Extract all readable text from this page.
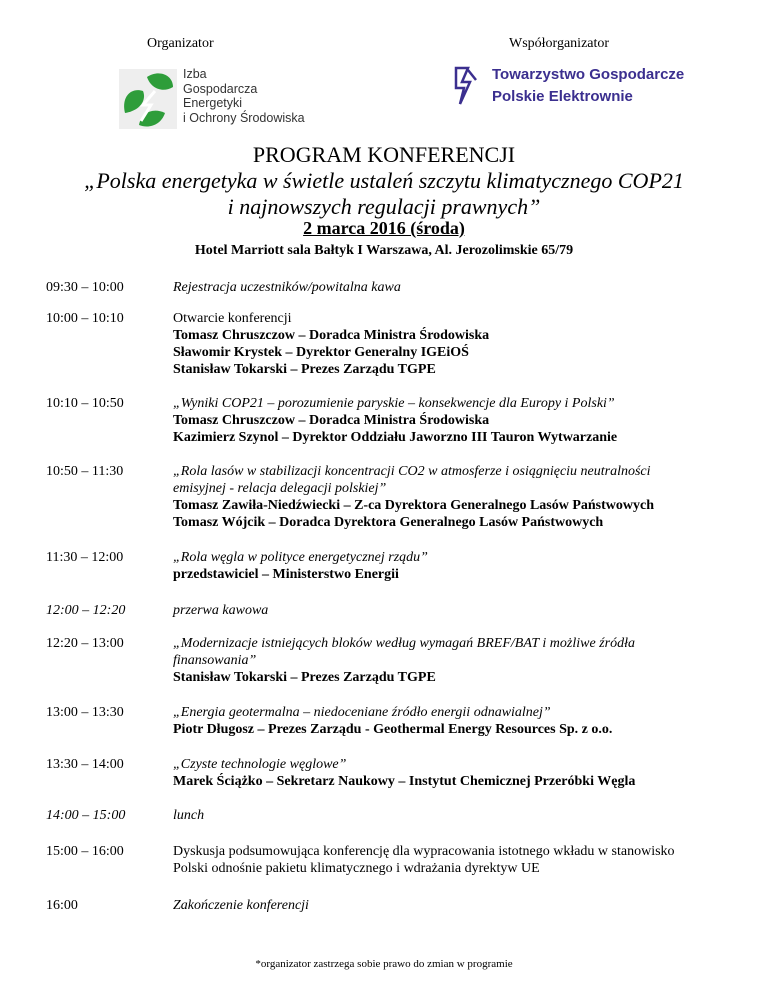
Organizator	Współorganizator
Izba
Gospodarcza
Energetyki
i Ochrony Środowiska
Towarzystwo Gospodarcze
Polskie Elektrownie
PROGRAM KONFERENCJI
„Polska energetyka w świetle ustaleń szczytu klimatycznego COP21
i najnowszych regulacji prawnych”
2 marca 2016 (środa)
Hotel Marriott sala Bałtyk I Warszawa, Al. Jerozolimskie 65/79
09:30 – 10:00	Rejestracja uczestników/powitalna kawa
10:00 – 10:10	Otwarcie konferencji
Tomasz Chruszczow – Doradca Ministra Środowiska
Sławomir Krystek – Dyrektor Generalny IGEiOŚ
Stanisław Tokarski – Prezes Zarządu TGPE
10:10 – 10:50	„Wyniki COP21 – porozumienie paryskie – konsekwencje dla Europy i Polski”
Tomasz Chruszczow – Doradca Ministra Środowiska
Kazimierz Szynol – Dyrektor Oddziału Jaworzno III Tauron Wytwarzanie
10:50 – 11:30	„Rola lasów w stabilizacji koncentracji CO2 w atmosferze i osiągnięciu neutralności
emisyjnej - relacja delegacji polskiej”
Tomasz Zawiła-Niedźwiecki – Z-ca Dyrektora Generalnego Lasów Państwowych
Tomasz Wójcik – Doradca Dyrektora Generalnego Lasów Państwowych
11:30 – 12:00	„Rola węgla w polityce energetycznej rządu”
przedstawiciel – Ministerstwo Energii
12:00 – 12:20	przerwa kawowa
12:20 – 13:00	„Modernizacje istniejących bloków według wymagań BREF/BAT i możliwe źródła
finansowania”
Stanisław Tokarski – Prezes Zarządu TGPE
13:00 – 13:30	„Energia geotermalna – niedoceniane źródło energii odnawialnej”
Piotr Długosz – Prezes Zarządu - Geothermal Energy Resources Sp. z o.o.
13:30 – 14:00	„Czyste technologie węglowe”
Marek Ściążko – Sekretarz Naukowy – Instytut Chemicznej Przeróbki Węgla
14:00 – 15:00	lunch
15:00 – 16:00	Dyskusja podsumowująca konferencję dla wypracowania istotnego wkładu w stanowisko
Polski odnośnie pakietu klimatycznego i wdrażania dyrektyw UE
16:00	Zakończenie konferencji
*organizator zastrzega sobie prawo do zmian w programie
